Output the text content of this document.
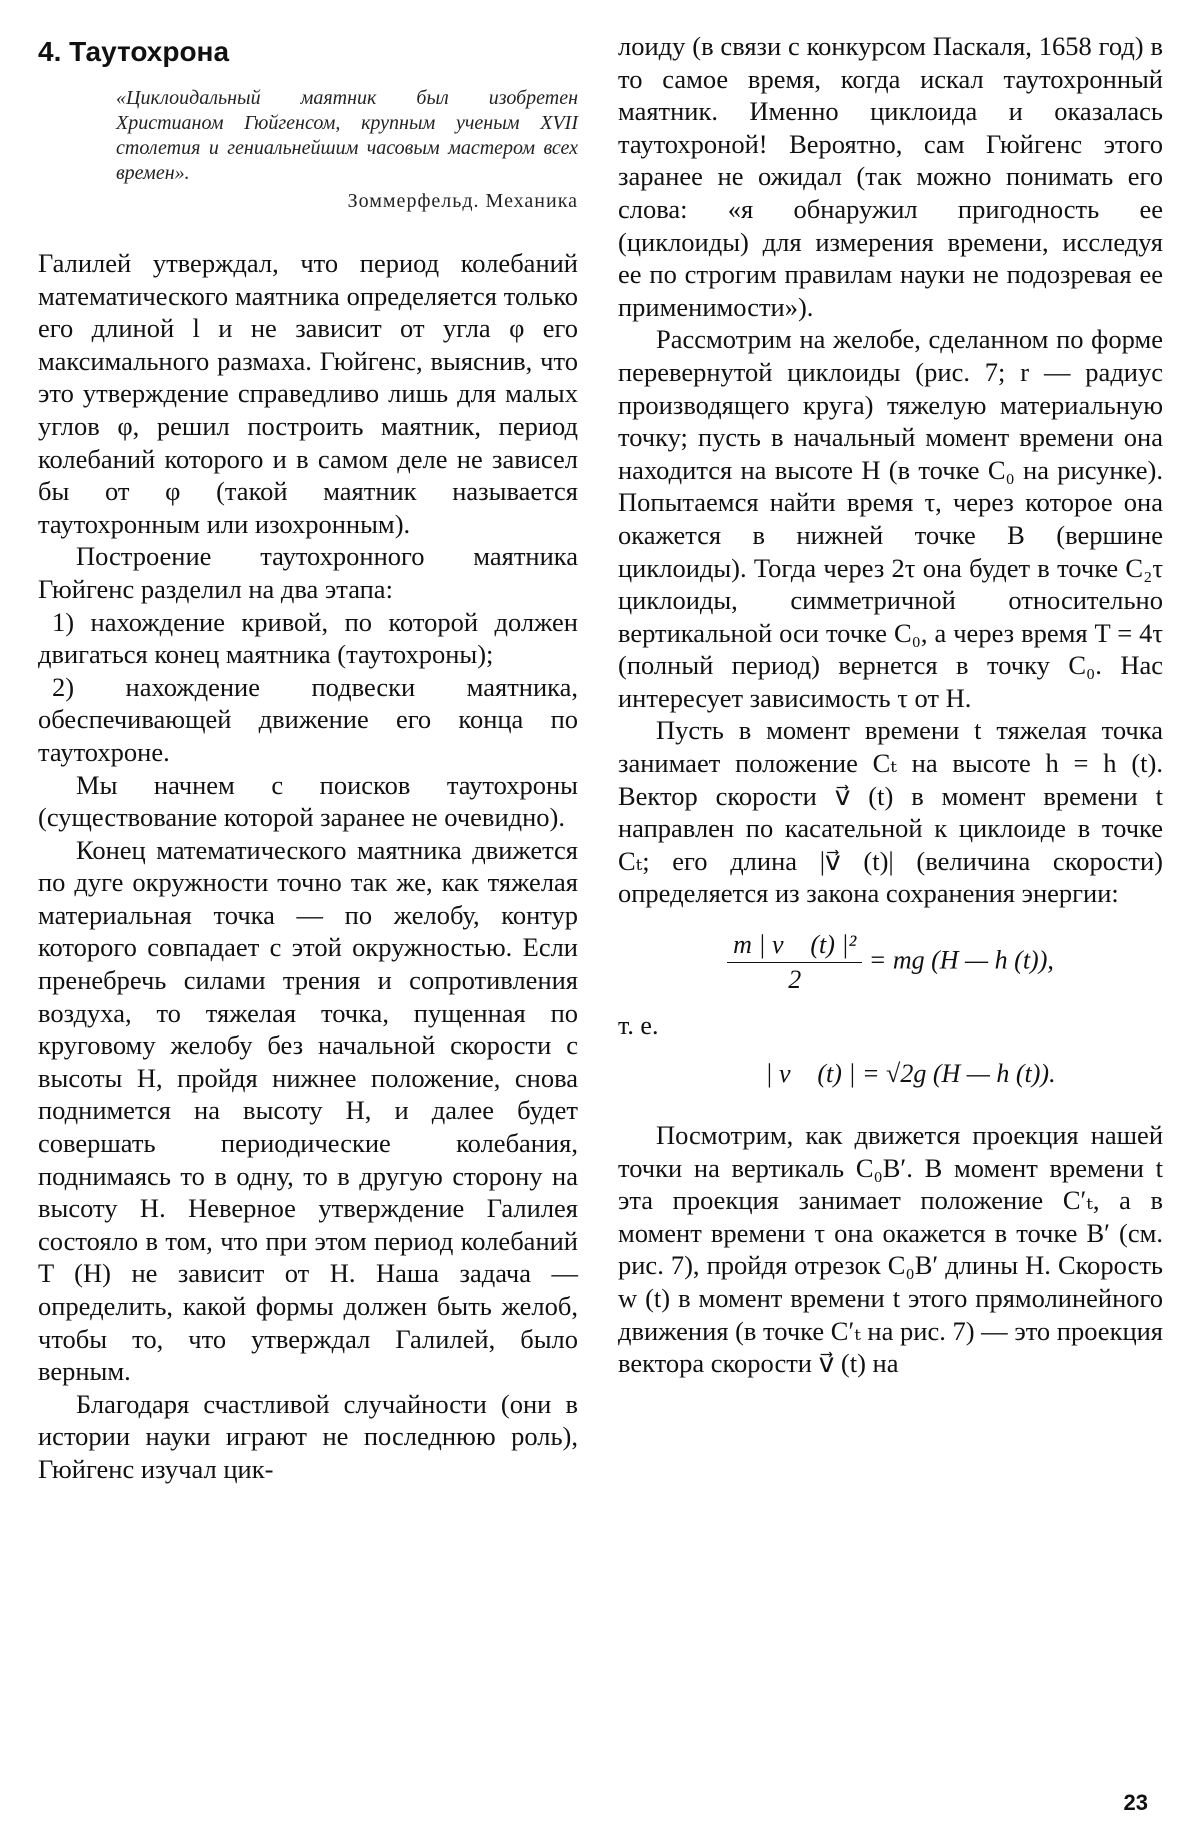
4. Таутохрона
«Циклоидальный маятник был изобретен Христианом Гюйгенсом, крупным ученым XVII столетия и гениальнейшим часовым мастером всех времен».
Зоммерфельд. Механика

Галилей утверждал, что период колебаний математического маятника определяется только его длиной l и не зависит от угла φ его максимального размаха. Гюйгенс, выяснив, что это утверждение справедливо лишь для малых углов φ, решил построить маятник, период колебаний которого и в самом деле не зависел бы от φ (такой маятник называется таутохронным или изохронным).

Построение таутохронного маятника Гюйгенс разделил на два этапа:

1) нахождение кривой, по которой должен двигаться конец маятника (таутохроны);

2) нахождение подвески маятника, обеспечивающей движение его конца по таутохроне.

Мы начнем с поисков таутохроны (существование которой заранее не очевидно).

Конец математического маятника движется по дуге окружности точно так же, как тяжелая материальная точка — по желобу, контур которого совпадает с этой окружностью. Если пренебречь силами трения и сопротивления воздуха, то тяжелая точка, пущенная по круговому желобу без начальной скорости с высоты H, пройдя нижнее положение, снова поднимется на высоту H, и далее будет совершать периодические колебания, поднимаясь то в одну, то в другую сторону на высоту H. Неверное утверждение Галилея состояло в том, что при этом период колебаний T (H) не зависит от H. Наша задача — определить, какой формы должен быть желоб, чтобы то, что утверждал Галилей, было верным.

Благодаря счастливой случайности (они в истории науки играют не последнюю роль), Гюйгенс изучал цик-

лоиду (в связи с конкурсом Паскаля, 1658 год) в то самое время, когда искал таутохронный маятник. Именно циклоида и оказалась таутохроной! Вероятно, сам Гюйгенс этого заранее не ожидал (так можно понимать его слова: «я обнаружил пригодность ее (циклоиды) для измерения времени, исследуя ее по строгим правилам науки не подозревая ее применимости»).

Рассмотрим на желобе, сделанном по форме перевернутой циклоиды (рис. 7; r — радиус производящего круга) тяжелую материальную точку; пусть в начальный момент времени она находится на высоте H (в точке C₀ на рисунке). Попытаемся найти время τ, через которое она окажется в нижней точке B (вершине циклоиды). Тогда через 2τ она будет в точке C₂τ циклоиды, симметричной относительно вертикальной оси точке C₀, а через время T = 4τ (полный период) вернется в точку C₀. Нас интересует зависимость τ от H.

Пусть в момент времени t тяжелая точка занимает положение Cₜ на высоте h = h (t). Вектор скорости v⃗ (t) в момент времени t направлен по касательной к циклоиде в точке Cₜ; его длина |v⃗ (t)| (величина скорости) определяется из закона сохранения энергии:

$\frac{\text{m | v⃗ (t) |²}}{2}$ = mg (H — h (t)),
т. е.
| v⃗ (t) | = √2g (H — h (t)).

Посмотрим, как движется проекция нашей точки на вертикаль C₀B′. В момент времени t эта проекция занимает положение C′ₜ, а в момент времени τ она окажется в точке B′ (см. рис. 7), пройдя отрезок C₀B′ длины H. Скорость w (t) в момент времени t этого прямолинейного движения (в точке C′ₜ на рис. 7) — это проекция вектора скорости v⃗ (t) на

23
